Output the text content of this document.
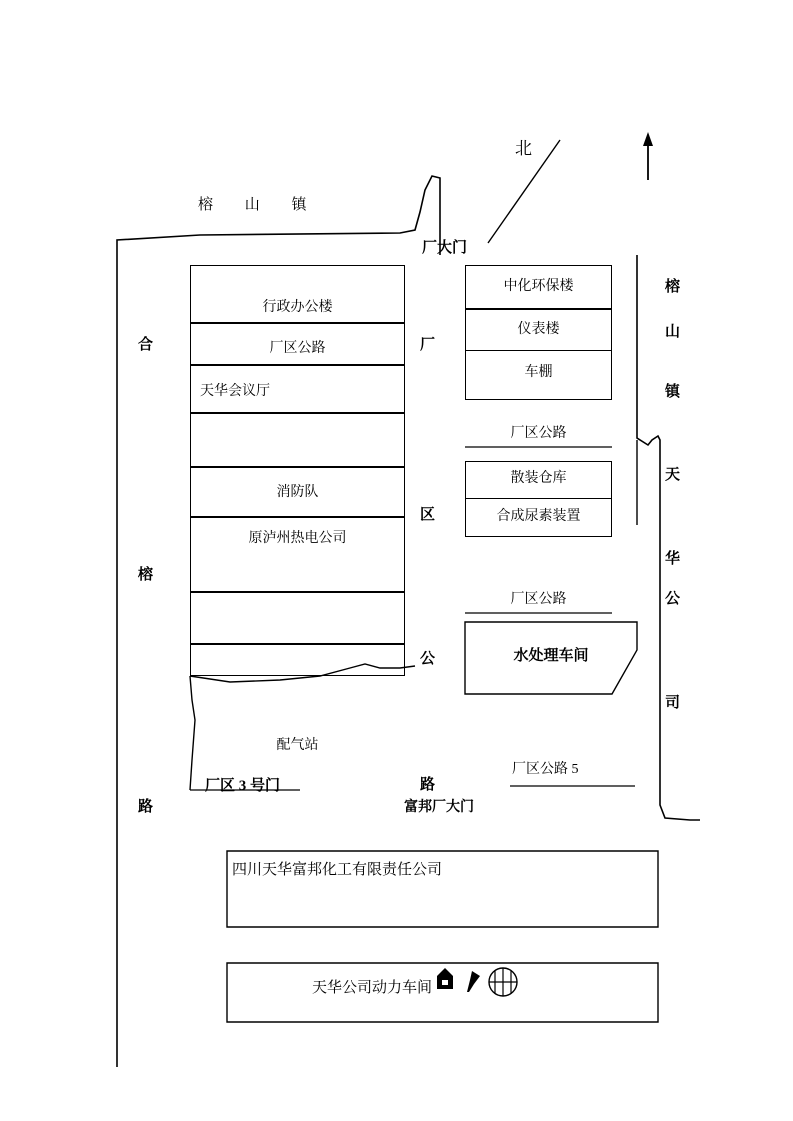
榕 山 镇
北
厂大门
合
榕
路
厂
区
公
路
榕
山
镇
天
华
公
司
行政办公楼
厂区公路
天华会议厅
消防队
原泸州热电公司
配气站
厂区 3 号门
富邦厂大门
中化环保楼
仪表楼
车棚
厂区公路
散装仓库
合成尿素装置
厂区公路
水处理车间
厂区公路 5
四川天华富邦化工有限责任公司
天华公司动力车间
